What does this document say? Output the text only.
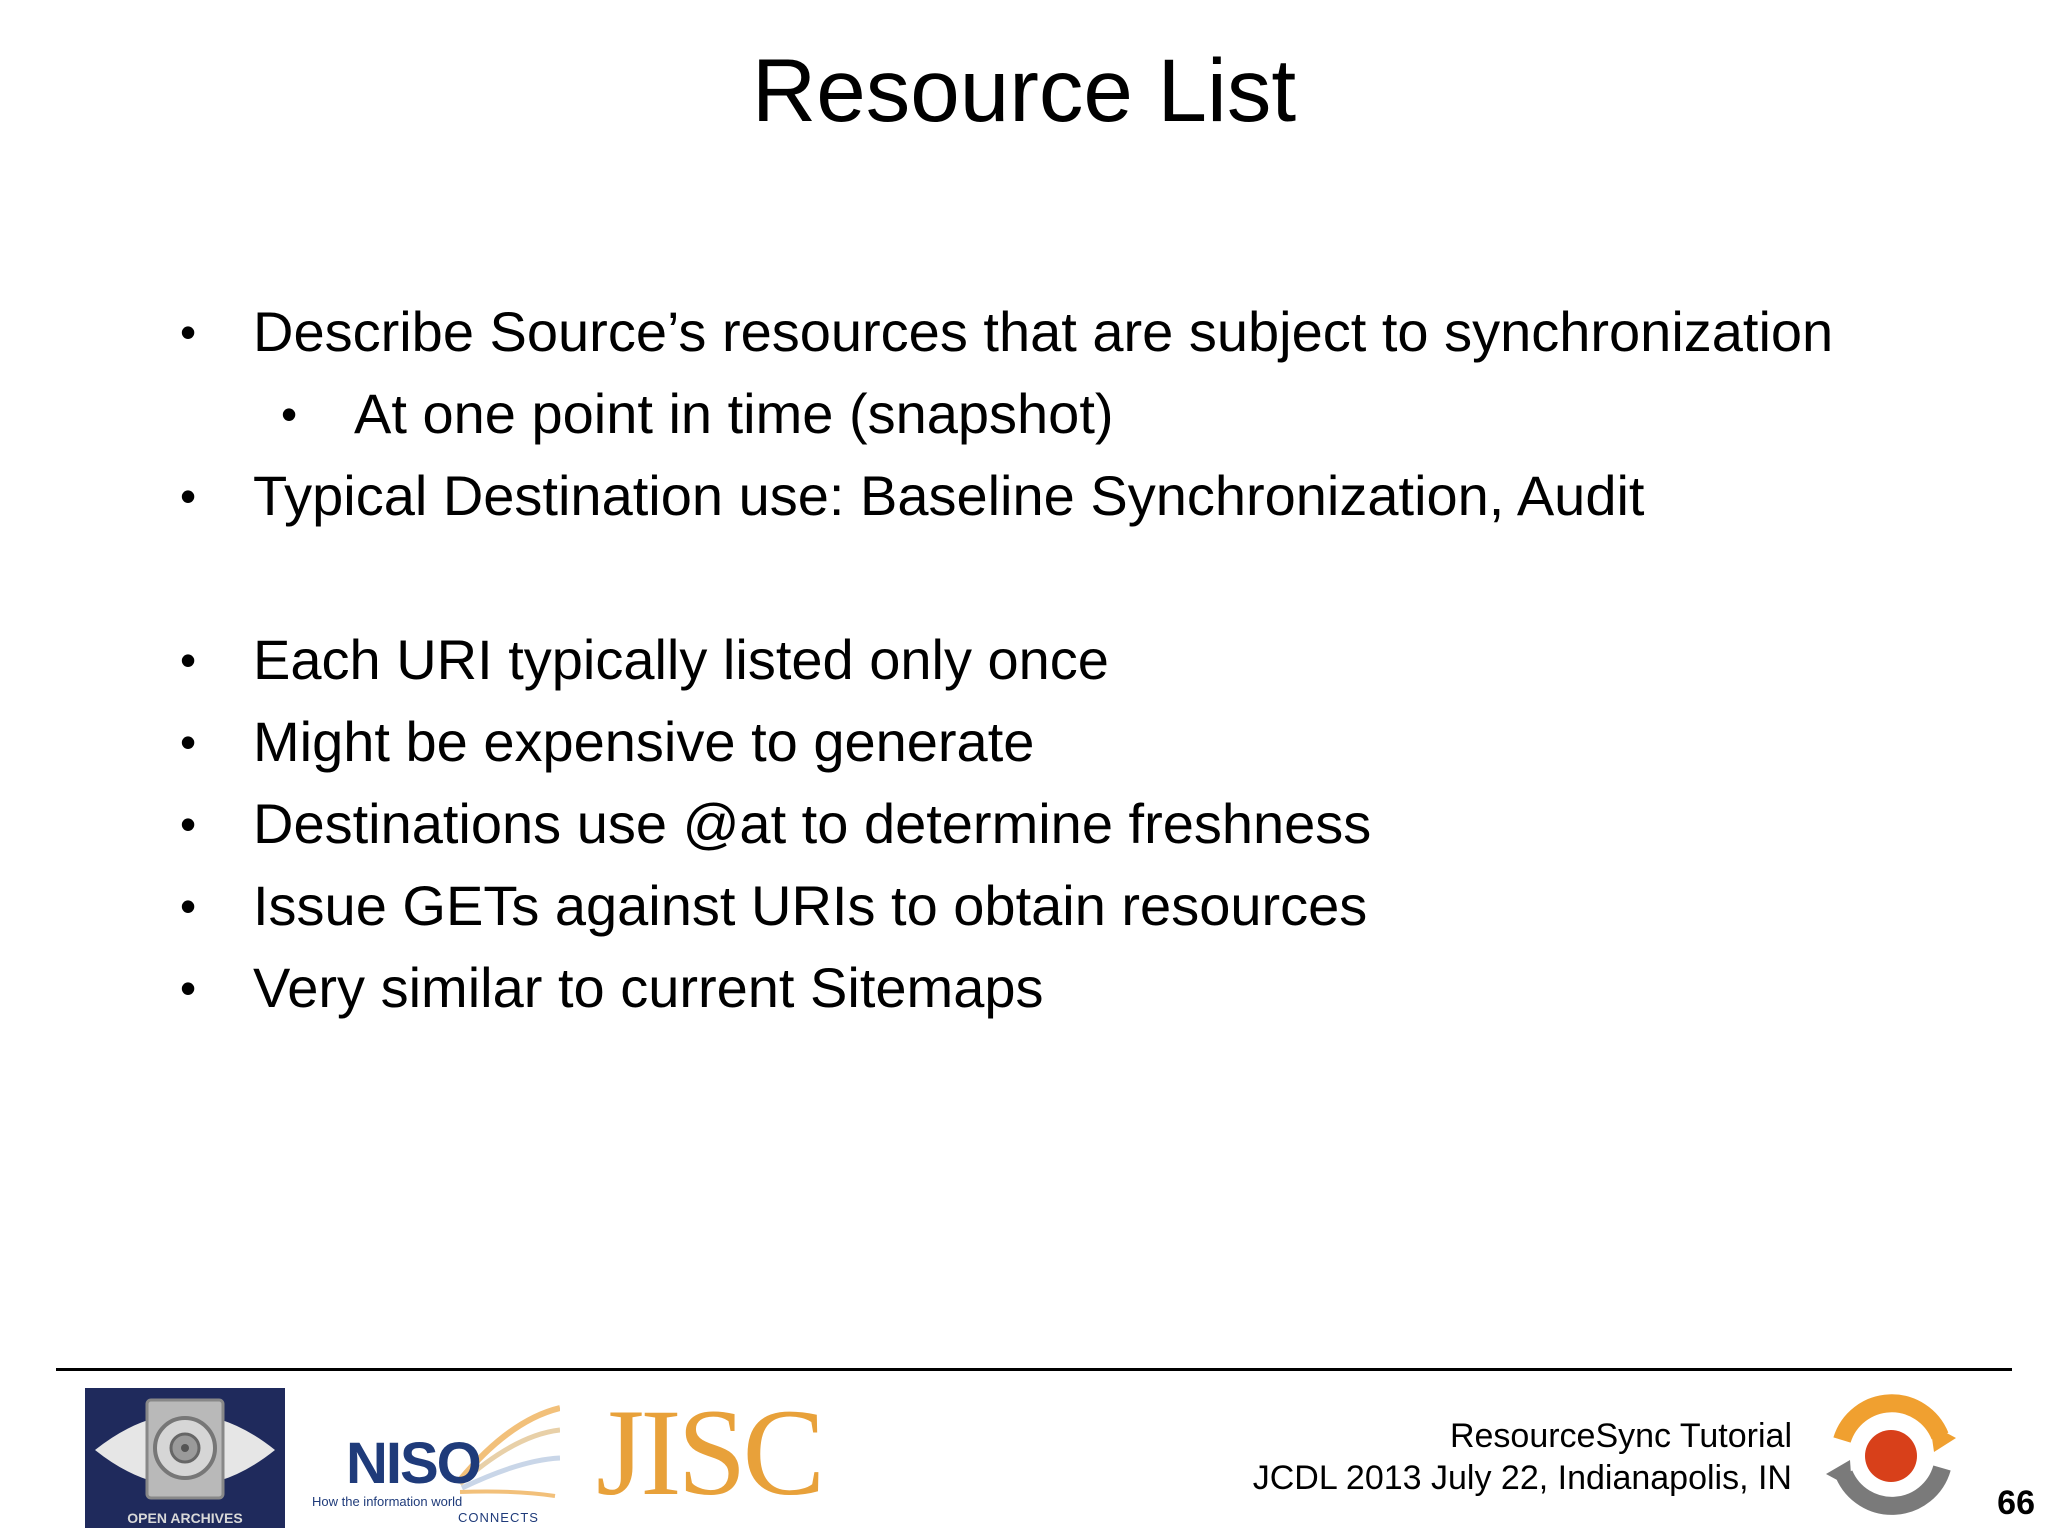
Resource List
• Describe Source’s resources that are subject to synchronization
• At one point in time (snapshot)
• Typical Destination use: Baseline Synchronization, Audit
• Each URI typically listed only once
• Might be expensive to generate
• Destinations use @at to determine freshness
• Issue GETs against URIs to obtain resources
• Very similar to current Sitemaps
OPEN ARCHIVES
NISO
How the information world
CONNECTS JISC	ResourceSync Tutorial
JCDL 2013 July 22, Indianapolis, IN
66
